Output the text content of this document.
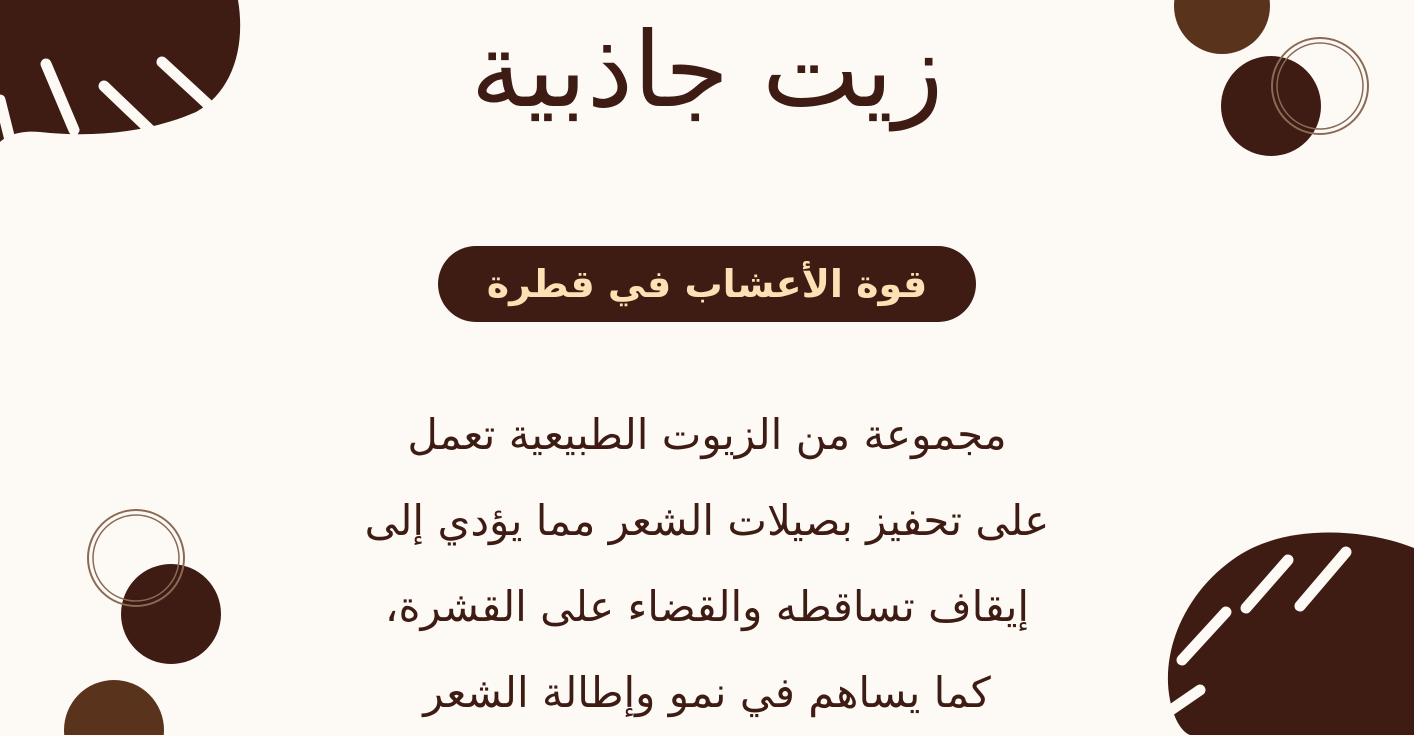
زيت جاذبية
قوة الأعشاب في قطرة
مجموعة من الزيوت الطبيعية تعمل
على تحفيز بصيلات الشعر مما يؤدي إلى
إيقاف تساقطه والقضاء على القشرة،
كما يساهم في نمو وإطالة الشعر
